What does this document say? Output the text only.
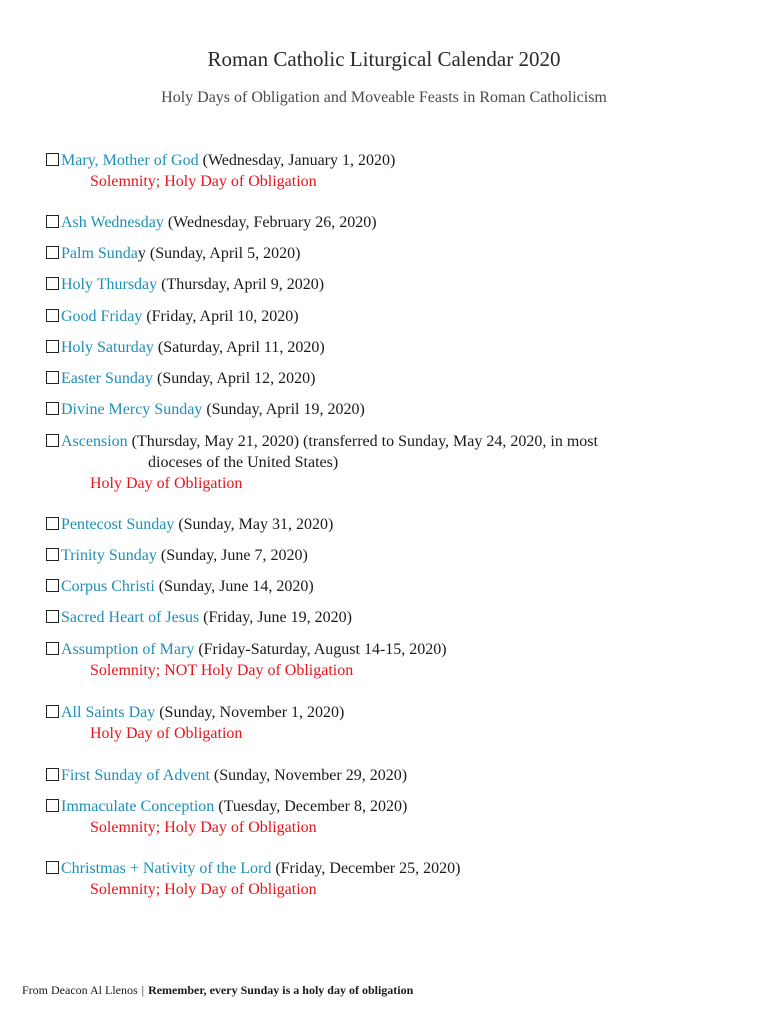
Roman Catholic Liturgical Calendar 2020
Holy Days of Obligation and Moveable Feasts in Roman Catholicism
Mary, Mother of God (Wednesday, January 1, 2020)
Solemnity; Holy Day of Obligation
Ash Wednesday (Wednesday, February 26, 2020)
Palm Sunday (Sunday, April 5, 2020)
Holy Thursday (Thursday, April 9, 2020)
Good Friday (Friday, April 10, 2020)
Holy Saturday (Saturday, April 11, 2020)
Easter Sunday (Sunday, April 12, 2020)
Divine Mercy Sunday (Sunday, April 19, 2020)
Ascension (Thursday, May 21, 2020) (transferred to Sunday, May 24, 2020, in most
dioceses of the United States)
Holy Day of Obligation
Pentecost Sunday (Sunday, May 31, 2020)
Trinity Sunday (Sunday, June 7, 2020)
Corpus Christi (Sunday, June 14, 2020)
Sacred Heart of Jesus (Friday, June 19, 2020)
Assumption of Mary (Friday-Saturday, August 14-15, 2020)
Solemnity; NOT Holy Day of Obligation
All Saints Day (Sunday, November 1, 2020)
Holy Day of Obligation
First Sunday of Advent (Sunday, November 29, 2020)
Immaculate Conception (Tuesday, December 8, 2020)
Solemnity; Holy Day of Obligation
Christmas + Nativity of the Lord (Friday, December 25, 2020)
Solemnity; Holy Day of Obligation
From Deacon Al Llenos | Remember, every Sunday is a holy day of obligation
